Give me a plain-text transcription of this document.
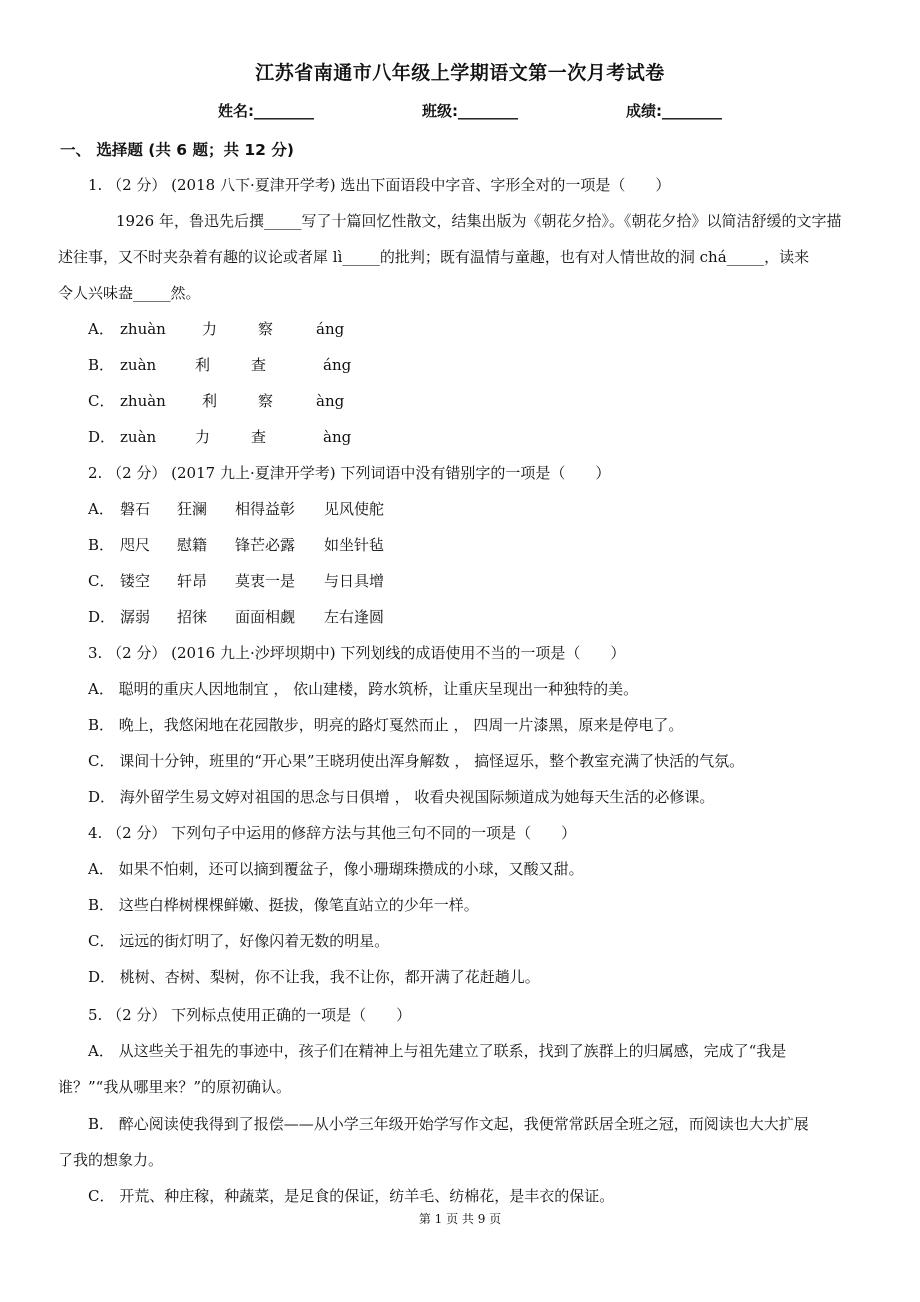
江苏省南通市八年级上学期语文第一次月考试卷
姓名:________	班级:________	成绩:________
一、 选择题 (共 6 题；共 12 分)
1. （2 分） (2018 八下·夏津开学考) 选出下面语段中字音、字形全对的一项是（　　）
1926 年，鲁迅先后撰_____写了十篇回忆性散文，结集出版为《朝花夕拾》。《朝花夕拾》以简洁舒缓的文字描
述往事，又不时夹杂着有趣的议论或者犀 lì_____的批判；既有温情与童趣，也有对人情世故的洞 chá_____，读来
令人兴味盎_____然。
A． zhuàn 力	察	áng
B． zuàn	利	查	áng
C． zhuàn 利	察	àng
D． zuàn	力	查	àng
2. （2 分） (2017 九上·夏津开学考) 下列词语中没有错别字的一项是（　　）
A． 磐石 狂澜 相得益彰 见风使舵
B． 咫尺 慰籍 锋芒必露 如坐针毡
C． 镂空 轩昂 莫衷一是 与日具增
D． 潺弱 招徕 面面相觑 左右逢圆
3. （2 分） (2016 九上·沙坪坝期中) 下列划线的成语使用不当的一项是（　　）
A． 聪明的重庆人因地制宜 ， 依山建楼，跨水筑桥，让重庆呈现出一种独特的美。
B． 晚上，我悠闲地在花园散步，明亮的路灯戛然而止 ， 四周一片漆黑，原来是停电了。
C． 课间十分钟，班里的“开心果”王晓玥使出浑身解数 ， 搞怪逗乐，整个教室充满了快活的气氛。
D． 海外留学生易文婷对祖国的思念与日俱增 ， 收看央视国际频道成为她每天生活的必修课。
4. （2 分） 下列句子中运用的修辞方法与其他三句不同的一项是（　　）
A． 如果不怕刺，还可以摘到覆盆子，像小珊瑚珠攒成的小球，又酸又甜。
B． 这些白桦树棵棵鲜嫩、挺拔，像笔直站立的少年一样。
C． 远远的街灯明了，好像闪着无数的明星。
D． 桃树、杏树、梨树，你不让我，我不让你，都开满了花赶趟儿。
5. （2 分） 下列标点使用正确的一项是（　　）
A． 从这些关于祖先的事迹中，孩子们在精神上与祖先建立了联系，找到了族群上的归属感，完成了“我是
谁？”“我从哪里来？”的原初确认。
B． 醉心阅读使我得到了报偿——从小学三年级开始学写作文起，我便常常跃居全班之冠，而阅读也大大扩展
了我的想象力。
C． 开荒、种庄稼，种蔬菜，是足食的保证，纺羊毛、纺棉花，是丰衣的保证。
第 1 页 共 9 页
